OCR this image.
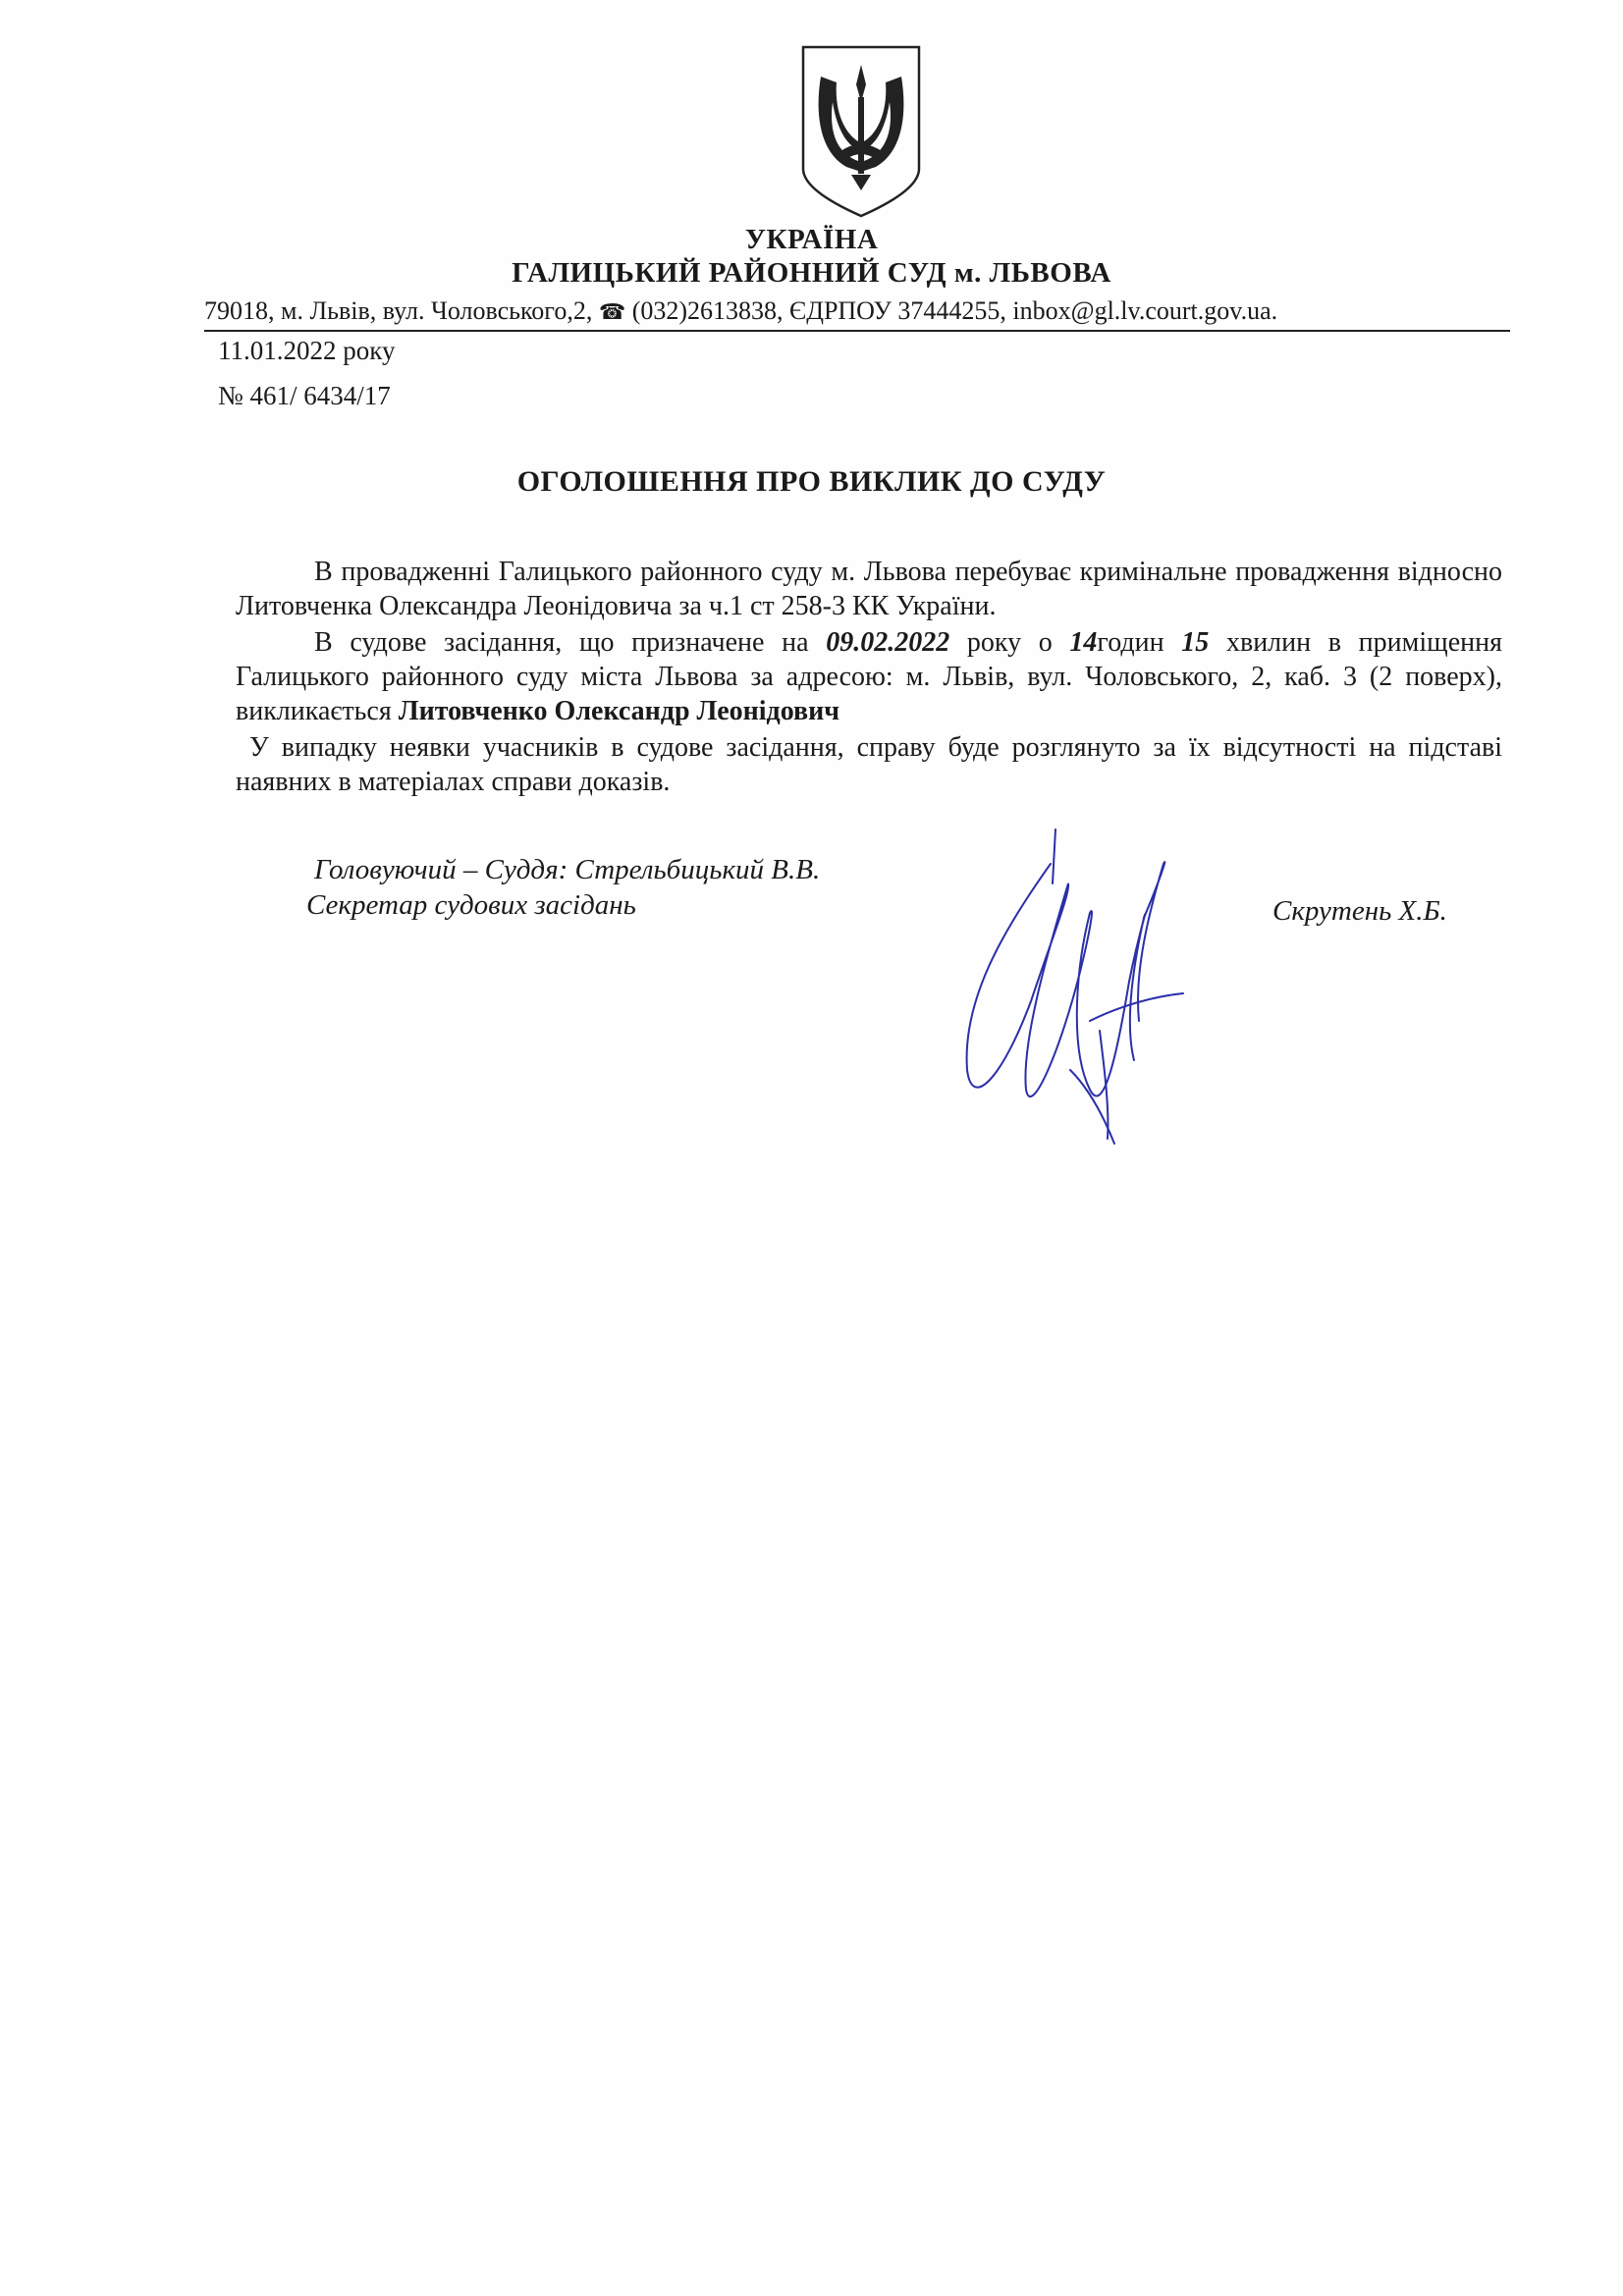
УКРАЇНА
ГАЛИЦЬКИЙ РАЙОННИЙ СУД м. ЛЬВОВА
79018, м. Львів, вул. Чоловського,2, ☎ (032)2613838, ЄДРПОУ 37444255, inbox@gl.lv.court.gov.ua.
11.01.2022 року
№ 461/ 6434/17
ОГОЛОШЕННЯ ПРО ВИКЛИК ДО СУДУ
В провадженні Галицького районного суду м. Львова перебуває кримінальне провадження відносно Литовченка Олександра Леонідовича за ч.1 ст 258-3 КК України.
В судове засідання, що призначене на 09.02.2022 року о 14годин 15 хвилин в приміщення Галицького районного суду міста Львова за адресою: м. Львів, вул. Чоловського, 2, каб. 3 (2 поверх), викликається Литовченко Олександр Леонідович
У випадку неявки учасників в судове засідання, справу буде розглянуто за їх відсутності на підставі наявних в матеріалах справи доказів.
Головуючий – Суддя: Стрельбицький В.В.
Секретар судових засідань	Скрутень Х.Б.
